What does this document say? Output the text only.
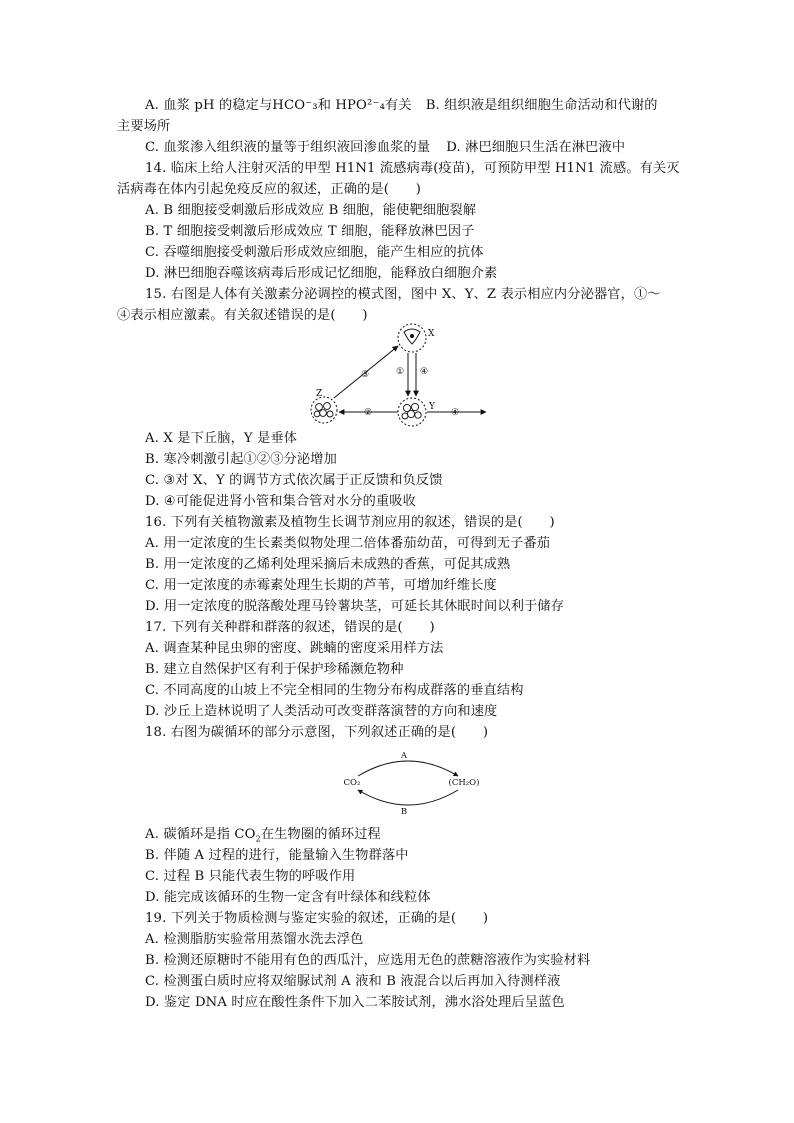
A. 血浆 pH 的稳定与HCO⁻₃和 HPO²⁻₄有关 B. 组织液是组织细胞生命活动和代谢的
主要场所
C. 血浆渗入组织液的量等于组织液回渗血浆的量 D. 淋巴细胞只生活在淋巴液中
14. 临床上给人注射灭活的甲型 H1N1 流感病毒(疫苗)，可预防甲型 H1N1 流感。有关灭
活病毒在体内引起免疫反应的叙述，正确的是(　　)
A. B 细胞接受刺激后形成效应 B 细胞，能使靶细胞裂解
B. T 细胞接受刺激后形成效应 T 细胞，能释放淋巴因子
C. 吞噬细胞接受刺激后形成效应细胞，能产生相应的抗体
D. 淋巴细胞吞噬该病毒后形成记忆细胞，能释放白细胞介素
15. 右图是人体有关激素分泌调控的模式图，图中 X、Y、Z 表示相应内分泌器官，①～
④表示相应激素。有关叙述错误的是(　　)
X
Y
Z
① ④
③
②	④
A. X 是下丘脑，Y 是垂体
B. 寒冷刺激引起①②③分泌增加
C. ③对 X、Y 的调节方式依次属于正反馈和负反馈
D. ④可能促进肾小管和集合管对水分的重吸收
16. 下列有关植物激素及植物生长调节剂应用的叙述，错误的是(　　)
A. 用一定浓度的生长素类似物处理二倍体番茄幼苗，可得到无子番茄
B. 用一定浓度的乙烯利处理采摘后未成熟的香蕉，可促其成熟
C. 用一定浓度的赤霉素处理生长期的芦苇，可增加纤维长度
D. 用一定浓度的脱落酸处理马铃薯块茎，可延长其休眠时间以利于储存
17. 下列有关种群和群落的叙述，错误的是(　　)
A. 调查某种昆虫卵的密度、跳蝻的密度采用样方法
B. 建立自然保护区有利于保护珍稀濒危物种
C. 不同高度的山坡上不完全相同的生物分布构成群落的垂直结构
D. 沙丘上造林说明了人类活动可改变群落演替的方向和速度
18. 右图为碳循环的部分示意图，下列叙述正确的是(　　)
A
CO₂	(CH₂O)
B
A. 碳循环是指 $CO_2$在生物圈的循环过程
B. 伴随 A 过程的进行，能量输入生物群落中
C. 过程 B 只能代表生物的呼吸作用
D. 能完成该循环的生物一定含有叶绿体和线粒体
19. 下列关于物质检测与鉴定实验的叙述，正确的是(　　)
A. 检测脂肪实验常用蒸馏水洗去浮色
B. 检测还原糖时不能用有色的西瓜汁，应选用无色的蔗糖溶液作为实验材料
C. 检测蛋白质时应将双缩脲试剂 A 液和 B 液混合以后再加入待测样液
D. 鉴定 DNA 时应在酸性条件下加入二苯胺试剂，沸水浴处理后呈蓝色
